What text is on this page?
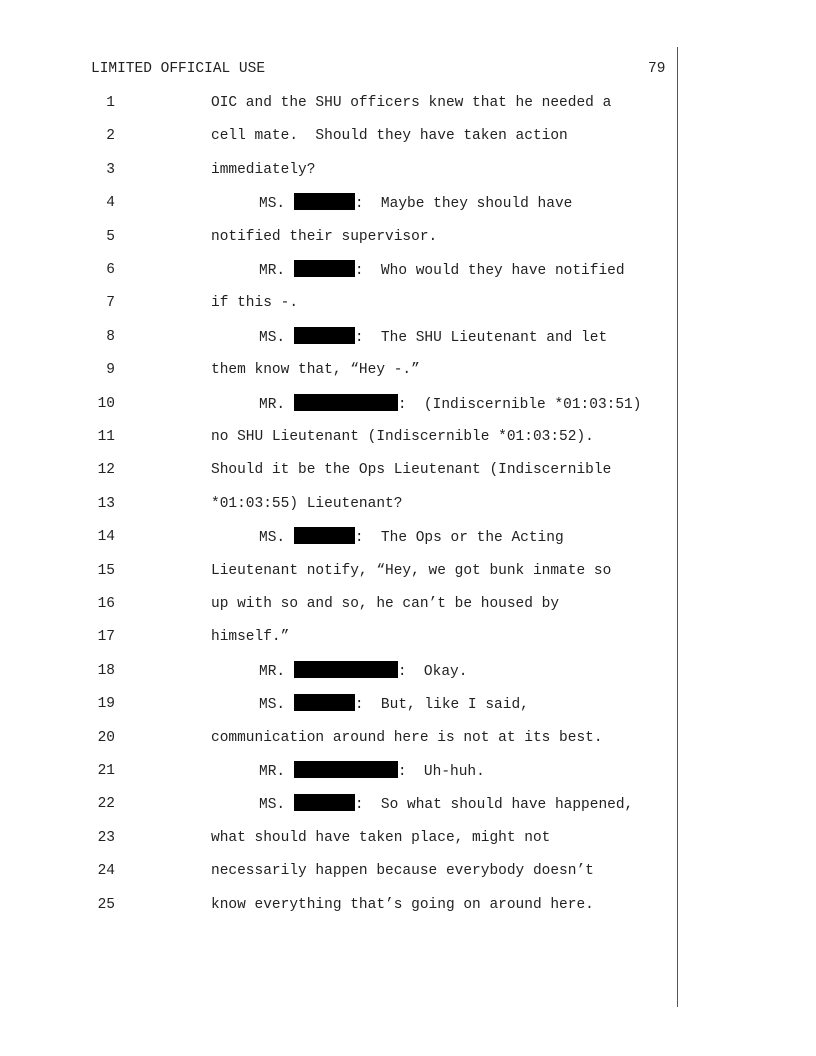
LIMITED OFFICIAL USE	79
1	OIC and the SHU officers knew that he needed a
2	cell mate.  Should they have taken action
3	immediately?
4	MS.	:  Maybe they should have
5	notified their supervisor.
6	MR.	:  Who would they have notified
7	if this -.
8	MS.	:  The SHU Lieutenant and let
9	them know that, “Hey -.”
10	MR.	:  (Indiscernible *01:03:51)
11	no SHU Lieutenant (Indiscernible *01:03:52).
12	Should it be the Ops Lieutenant (Indiscernible
13	*01:03:55) Lieutenant?
14	MS.	:  The Ops or the Acting
15	Lieutenant notify, “Hey, we got bunk inmate so
16	up with so and so, he can’t be housed by
17	himself.”
18	MR.	:  Okay.
19	MS.	:  But, like I said,
20	communication around here is not at its best.
21	MR.	:  Uh-huh.
22	MS.	:  So what should have happened,
23	what should have taken place, might not
24	necessarily happen because everybody doesn’t
25	know everything that’s going on around here.
